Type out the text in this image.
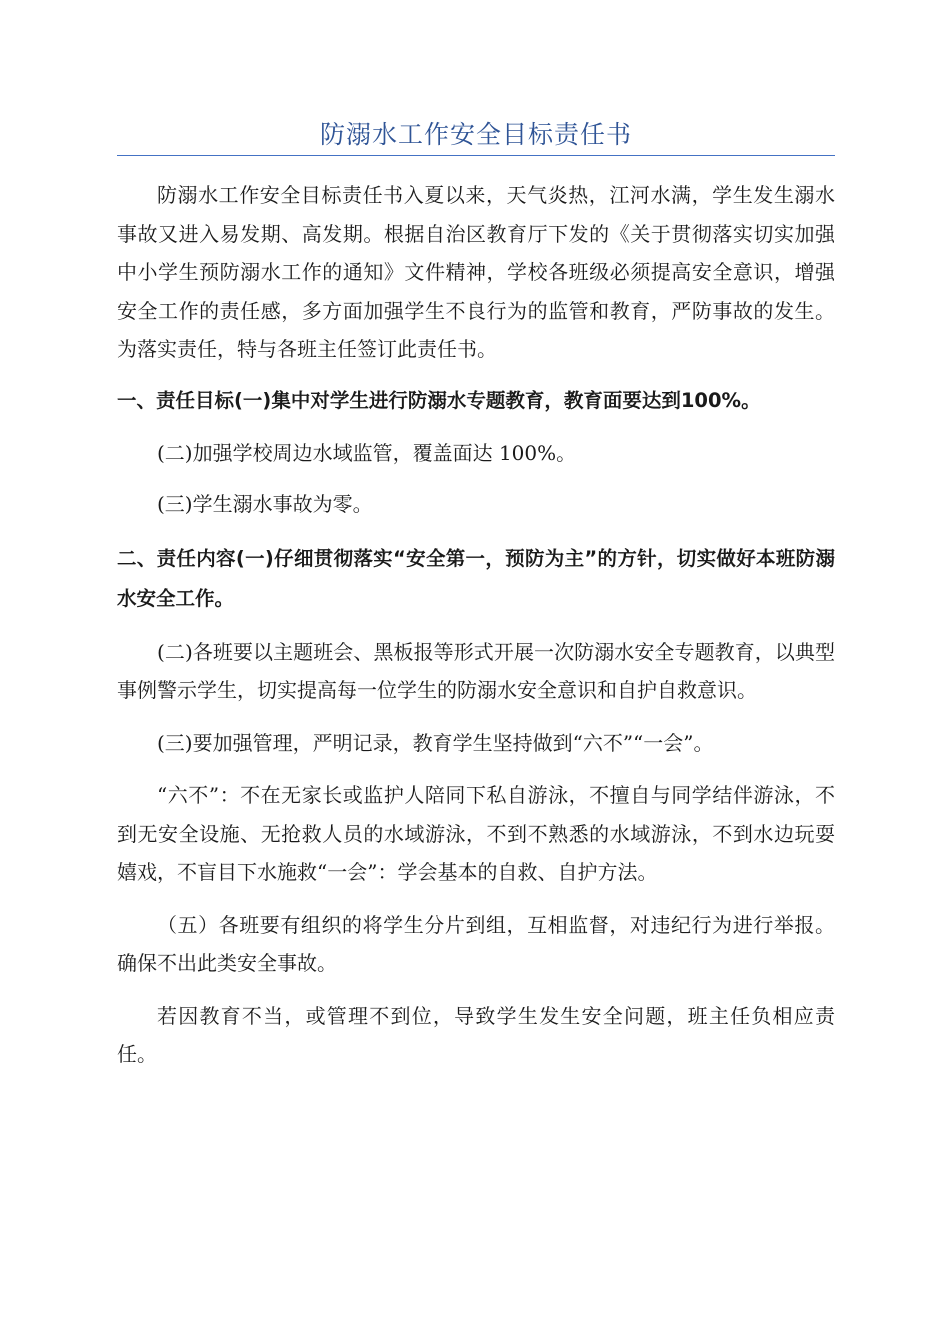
防溺水工作安全目标责任书

防溺水工作安全目标责任书入夏以来，天气炎热，江河水满，学生发生溺水事故又进入易发期、高发期。根据自治区教育厅下发的《关于贯彻落实切实加强中小学生预防溺水工作的通知》文件精神，学校各班级必须提高安全意识，增强安全工作的责任感，多方面加强学生不良行为的监管和教育，严防事故的发生。为落实责任，特与各班主任签订此责任书。

一、责任目标(一)集中对学生进行防溺水专题教育，教育面要达到100%。

(二)加强学校周边水域监管，覆盖面达 100%。

(三)学生溺水事故为零。

二、责任内容(一)仔细贯彻落实“安全第一，预防为主”的方针，切实做好本班防溺水安全工作。

(二)各班要以主题班会、黑板报等形式开展一次防溺水安全专题教育，以典型事例警示学生，切实提高每一位学生的防溺水安全意识和自护自救意识。

(三)要加强管理，严明记录，教育学生坚持做到“六不”“一会”。

“六不”：不在无家长或监护人陪同下私自游泳，不擅自与同学结伴游泳，不到无安全设施、无抢救人员的水域游泳，不到不熟悉的水域游泳，不到水边玩耍嬉戏，不盲目下水施救“一会”：学会基本的自救、自护方法。

（五）各班要有组织的将学生分片到组，互相监督，对违纪行为进行举报。确保不出此类安全事故。

若因教育不当，或管理不到位，导致学生发生安全问题，班主任负相应责任。
